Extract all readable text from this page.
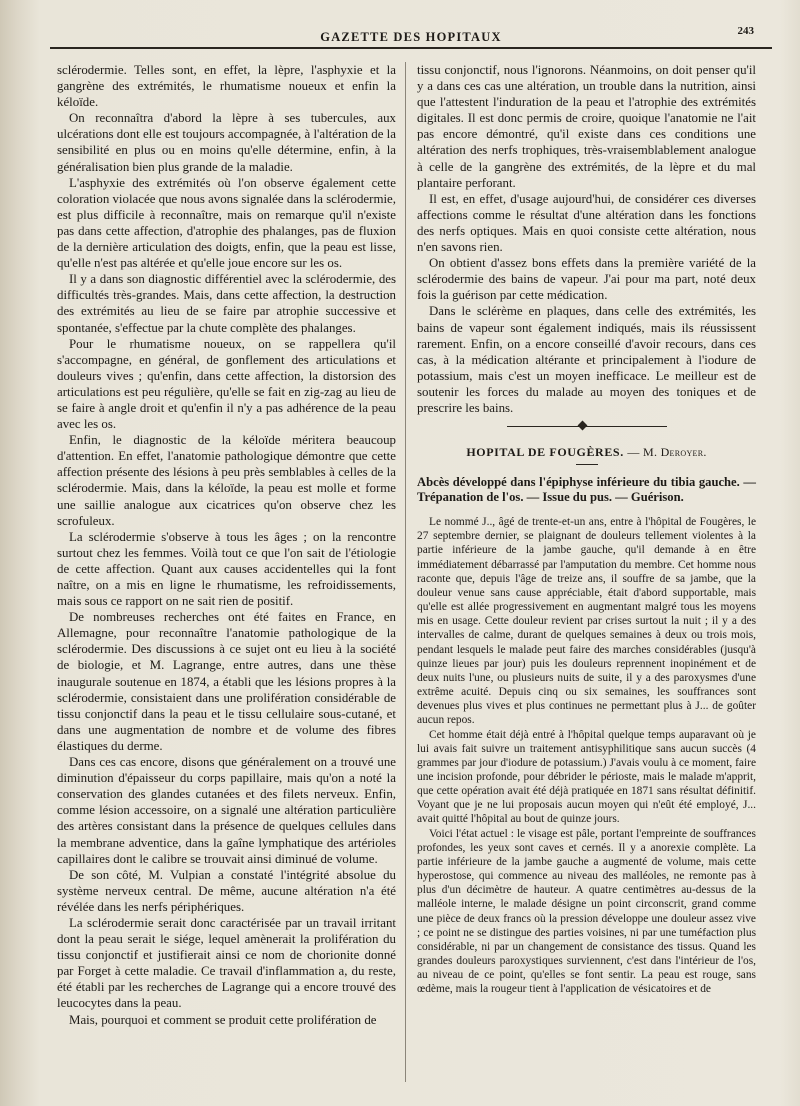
GAZETTE DES HOPITAUX	243

sclérodermie. Telles sont, en effet, la lèpre, l'asphyxie et la gangrène des extrémités, le rhumatisme noueux et enfin la kéloïde.

On reconnaîtra d'abord la lèpre à ses tubercules, aux ulcérations dont elle est toujours accompagnée, à l'altération de la sensibilité en plus ou en moins qu'elle détermine, enfin, à la généralisation bien plus grande de la maladie.

L'asphyxie des extrémités où l'on observe également cette coloration violacée que nous avons signalée dans la sclérodermie, est plus difficile à reconnaître, mais on remarque qu'il n'existe pas dans cette affection, d'atrophie des phalanges, pas de fluxion de la dernière articulation des doigts, enfin, que la peau est lisse, qu'elle n'est pas altérée et qu'elle joue encore sur les os.

Il y a dans son diagnostic différentiel avec la sclérodermie, des difficultés très-grandes. Mais, dans cette affection, la destruction des extrémités au lieu de se faire par atrophie successive et spontanée, s'effectue par la chute complète des phalanges.

Pour le rhumatisme noueux, on se rappellera qu'il s'accompagne, en général, de gonflement des articulations et douleurs vives ; qu'enfin, dans cette affection, la distorsion des articulations est peu régulière, qu'elle se fait en zig-zag au lieu de se faire à angle droit et qu'enfin il n'y a pas adhérence de la peau avec les os.

Enfin, le diagnostic de la kéloïde méritera beaucoup d'attention. En effet, l'anatomie pathologique démontre que cette affection présente des lésions à peu près semblables à celles de la sclérodermie. Mais, dans la kéloïde, la peau est molle et forme une saillie analogue aux cicatrices qu'on observe chez les scrofuleux.

La sclérodermie s'observe à tous les âges ; on la rencontre surtout chez les femmes. Voilà tout ce que l'on sait de l'étiologie de cette affection. Quant aux causes accidentelles qui la font naître, on a mis en ligne le rhumatisme, les refroidissements, mais sous ce rapport on ne sait rien de positif.

De nombreuses recherches ont été faites en France, en Allemagne, pour reconnaître l'anatomie pathologique de la sclérodermie. Des discussions à ce sujet ont eu lieu à la société de biologie, et M. Lagrange, entre autres, dans une thèse inaugurale soutenue en 1874, a établi que les lésions propres à la sclérodermie, consistaient dans une prolifération considérable de tissu conjonctif dans la peau et le tissu cellulaire sous-cutané, et dans une augmentation de nombre et de volume des fibres élastiques du derme.

Dans ces cas encore, disons que généralement on a trouvé une diminution d'épaisseur du corps papillaire, mais qu'on a noté la conservation des glandes cutanées et des filets nerveux. Enfin, comme lésion accessoire, on a signalé une altération particulière des artères consistant dans la présence de quelques cellules dans la membrane adventice, dans la gaîne lymphatique des artérioles capillaires dont le calibre se trouvait ainsi diminué de volume.

De son côté, M. Vulpian a constaté l'intégrité absolue du système nerveux central. De même, aucune altération n'a été révélée dans les nerfs périphériques.

La sclérodermie serait donc caractérisée par un travail irritant dont la peau serait le siége, lequel amènerait la prolifération du tissu conjonctif et justifierait ainsi ce nom de chorionite donné par Forget à cette maladie. Ce travail d'inflammation a, du reste, été établi par les recherches de Lagrange qui a encore trouvé des leucocytes dans la peau.

Mais, pourquoi et comment se produit cette prolifération de

tissu conjonctif, nous l'ignorons. Néanmoins, on doit penser qu'il y a dans ces cas une altération, un trouble dans la nutrition, ainsi que l'attestent l'induration de la peau et l'atrophie des extrémités digitales. Il est donc permis de croire, quoique l'anatomie ne l'ait pas encore démontré, qu'il existe dans ces conditions une altération des nerfs trophiques, très-vraisemblablement analogue à celle de la gangrène des extrémités, de la lèpre et du mal plantaire perforant.

Il est, en effet, d'usage aujourd'hui, de considérer ces diverses affections comme le résultat d'une altération dans les fonctions des nerfs optiques. Mais en quoi consiste cette altération, nous n'en savons rien.

On obtient d'assez bons effets dans la première variété de la sclérodermie des bains de vapeur. J'ai pour ma part, noté deux fois la guérison par cette médication.

Dans le sclérème en plaques, dans celle des extrémités, les bains de vapeur sont également indiqués, mais ils réussissent rarement. Enfin, on a encore conseillé d'avoir recours, dans ces cas, à la médication altérante et principalement à l'iodure de potassium, mais c'est un moyen inefficace. Le meilleur est de soutenir les forces du malade au moyen des toniques et de prescrire les bains.

HOPITAL DE FOUGÈRES. — M. Deroyer.
Abcès développé dans l'épiphyse inférieure du tibia gauche. — Trépanation de l'os. — Issue du pus. — Guérison.

Le nommé J.., âgé de trente-et-un ans, entre à l'hôpital de Fougères, le 27 septembre dernier, se plaignant de douleurs tellement violentes à la partie inférieure de la jambe gauche, qu'il demande à en être immédiatement débarrassé par l'amputation du membre. Cet homme nous raconte que, depuis l'âge de treize ans, il souffre de sa jambe, que la douleur venue sans cause appréciable, était d'abord supportable, mais qu'elle est allée progressivement en augmentant malgré tous les moyens mis en usage. Cette douleur revient par crises surtout la nuit ; il y a des intervalles de calme, durant de quelques semaines à deux ou trois mois, pendant lesquels le malade peut faire des marches considérables (jusqu'à quinze lieues par jour) puis les douleurs reprennent inopinément et de deux nuits l'une, ou plusieurs nuits de suite, il y a des paroxysmes d'une extrême acuité. Depuis cinq ou six semaines, les souffrances sont devenues plus vives et plus continues ne permettant plus à J... de goûter aucun repos.

Cet homme était déjà entré à l'hôpital quelque temps auparavant où je lui avais fait suivre un traitement antisyphilitique sans aucun succès (4 grammes par jour d'iodure de potassium.) J'avais voulu à ce moment, faire une incision profonde, pour débrider le périoste, mais le malade m'apprit, que cette opération avait été déjà pratiquée en 1871 sans résultat définitif. Voyant que je ne lui proposais aucun moyen qui n'eût été employé, J... avait quitté l'hôpital au bout de quinze jours.

Voici l'état actuel : le visage est pâle, portant l'empreinte de souffrances profondes, les yeux sont caves et cernés. Il y a anorexie complète. La partie inférieure de la jambe gauche a augmenté de volume, mais cette hyperostose, qui commence au niveau des malléoles, ne remonte pas à plus d'un décimètre de hauteur. A quatre centimètres au-dessus de la malléole interne, le malade désigne un point circonscrit, grand comme une pièce de deux francs où la pression développe une douleur assez vive ; ce point ne se distingue des parties voisines, ni par une tuméfaction plus considérable, ni par un changement de consistance des tissus. Quand les grandes douleurs paroxystiques surviennent, c'est dans l'intérieur de l'os, au niveau de ce point, qu'elles se font sentir. La peau est rouge, sans œdème, mais la rougeur tient à l'application de vésicatoires et de
